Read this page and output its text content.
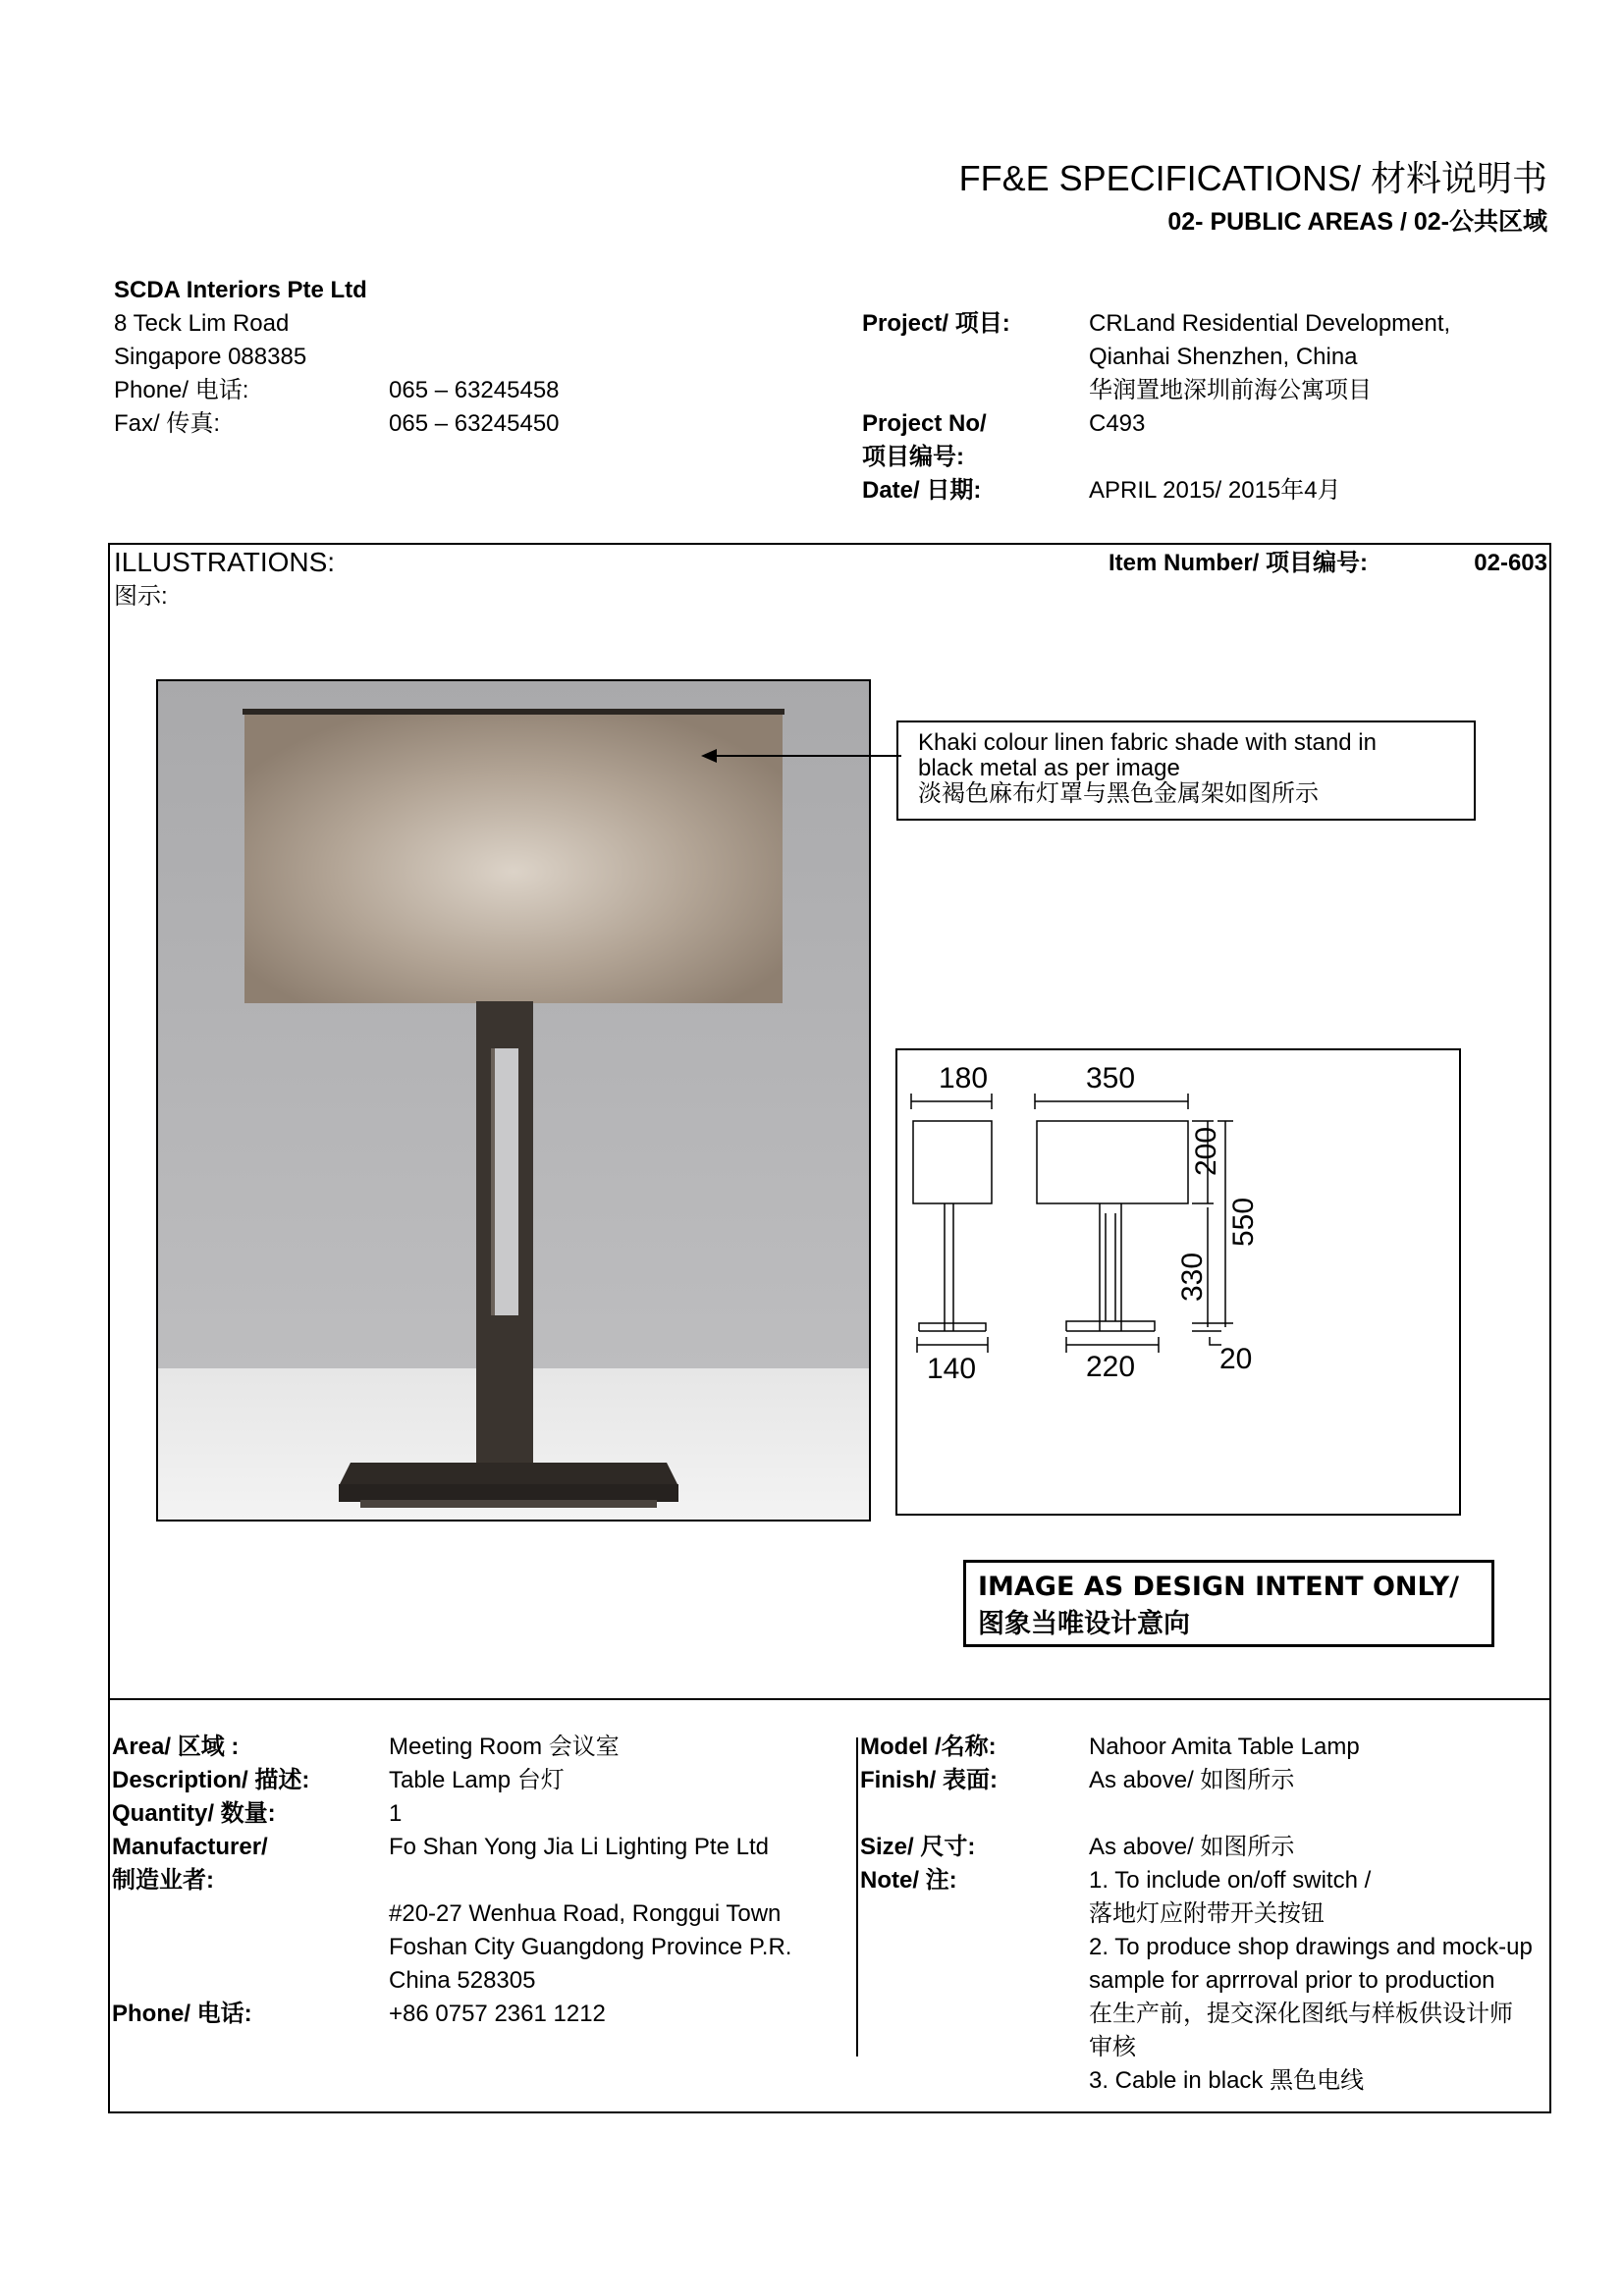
FF&E SPECIFICATIONS/ 材料说明书
02- PUBLIC AREAS / 02-公共区域
SCDA Interiors Pte Ltd
8 Teck Lim Road
Singapore 088385
Phone/ 电话:	065 – 63245458
Fax/ 传真:	065 – 63245450
Project/ 项目:	CRLand Residential Development,
Qianhai Shenzhen, China
华润置地深圳前海公寓项目
Project No/
项目编号:
C493
Date/ 日期:	APRIL 2015/ 2015年4月
ILLUSTRATIONS:
图示:
Item Number/ 项目编号:	02-603
Khaki colour linen fabric shade with stand in
black metal as per image
淡褐色麻布灯罩与黑色金属架如图所示
180	350
200
550
330
140	220	20
IMAGE AS DESIGN INTENT ONLY/
图象当唯设计意向
Area/ 区域 :	Meeting Room 会议室
Description/ 描述:	Table Lamp 台灯
Quantity/ 数量:	1
Manufacturer/
制造业者:
Fo Shan Yong Jia Li Lighting Pte Ltd
#20-27 Wenhua Road, Ronggui Town
Foshan City Guangdong Province P.R.
China 528305
Phone/ 电话:	+86 0757 2361 1212
Model /名称:	Nahoor Amita Table Lamp
Finish/ 表面:	As above/ 如图所示
Size/ 尺寸:	As above/ 如图所示
Note/ 注:	1. To include on/off switch /
落地灯应附带开关按钮
2. To produce shop drawings and mock-up
sample for aprrroval prior to production
在生产前，提交深化图纸与样板供设计师
审核
3. Cable in black 黑色电线
